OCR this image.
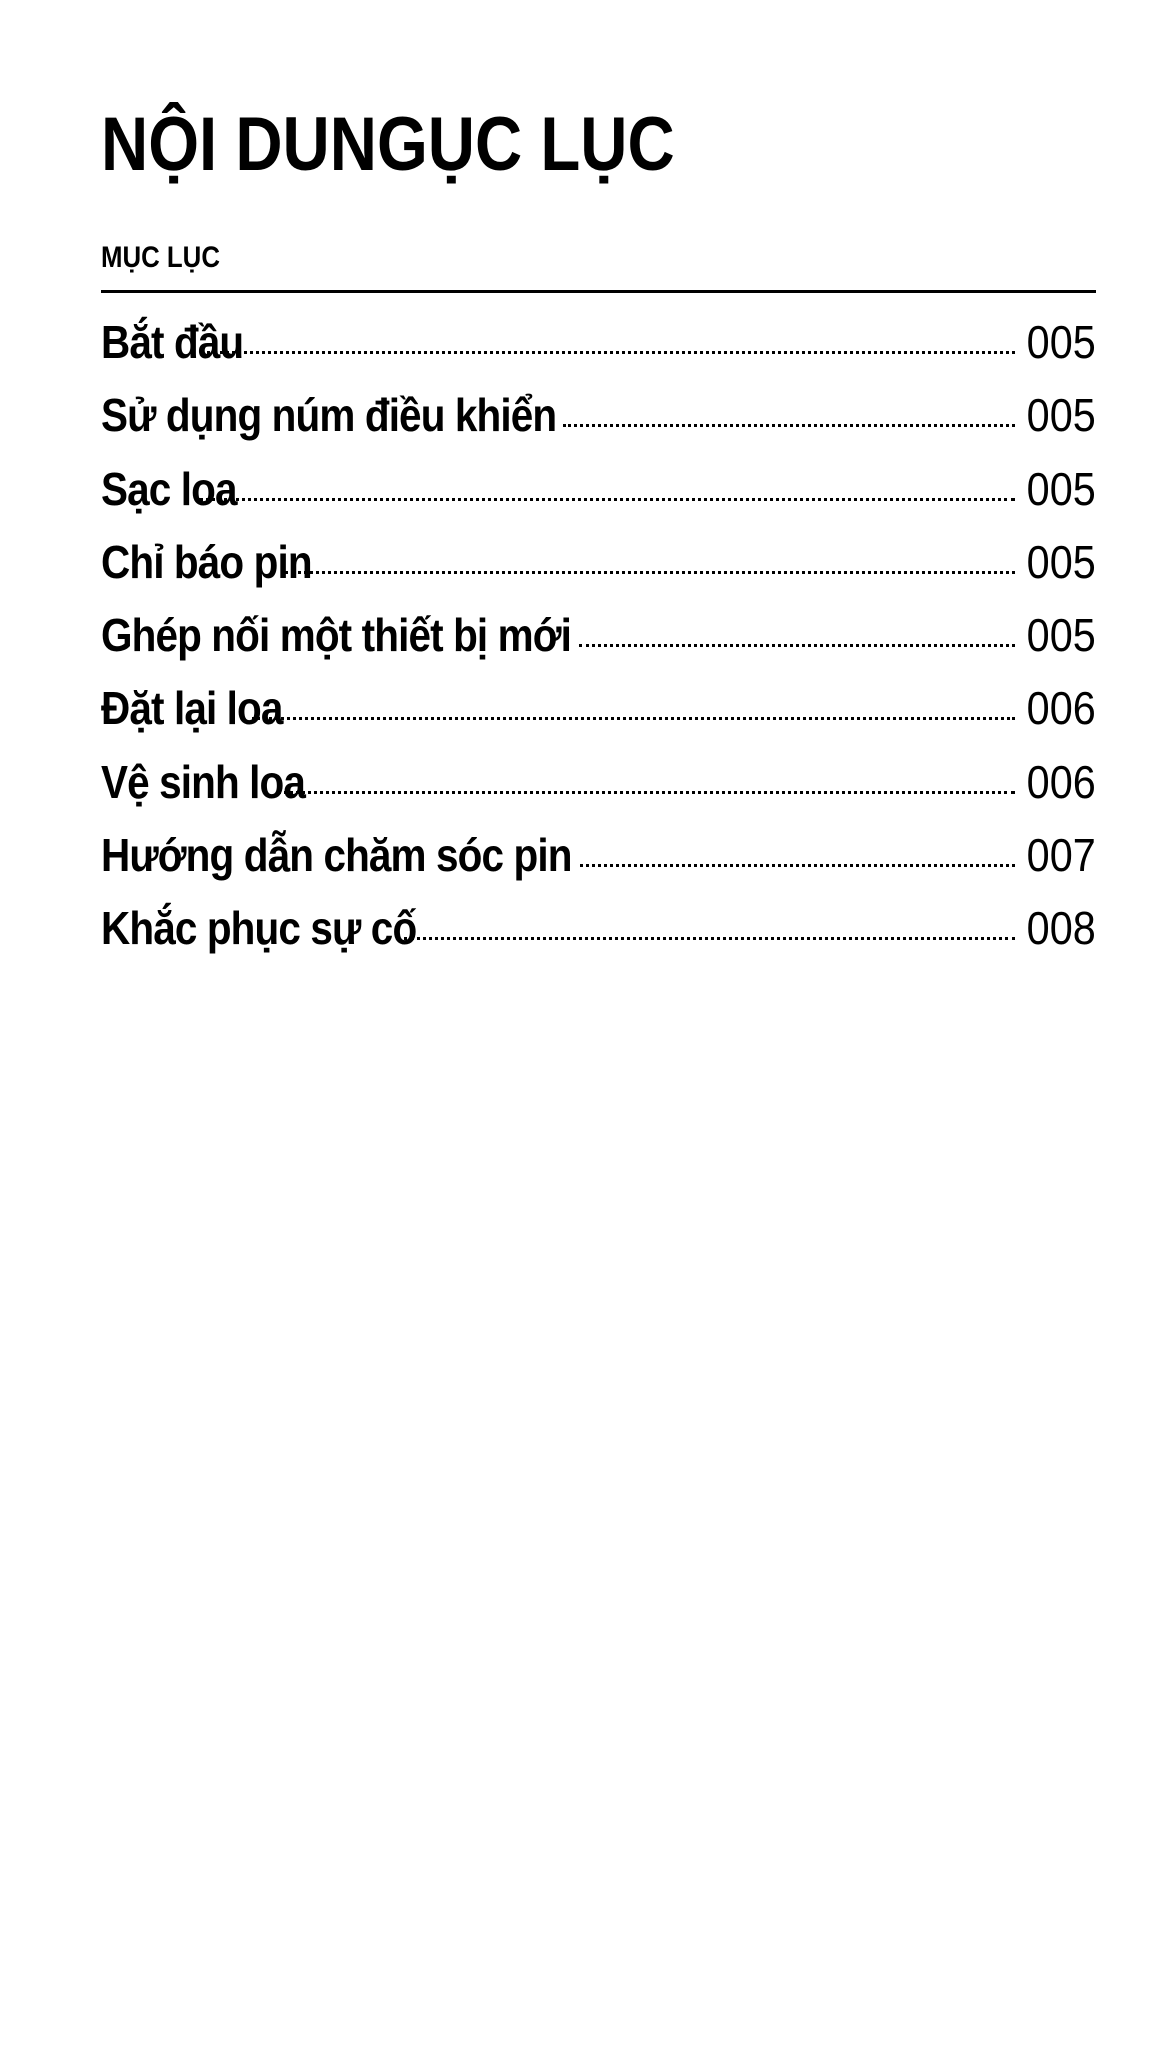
NỘI DUNGỤC LỤC
MỤC LỤC
Bắt đầu	005
Sử dụng núm điều khiển	005
Sạc loa	005
Chỉ báo pin	005
Ghép nối một thiết bị mới	005
Đặt lại loa	006
Vệ sinh loa	006
Hướng dẫn chăm sóc pin	007
Khắc phục sự cố	008
